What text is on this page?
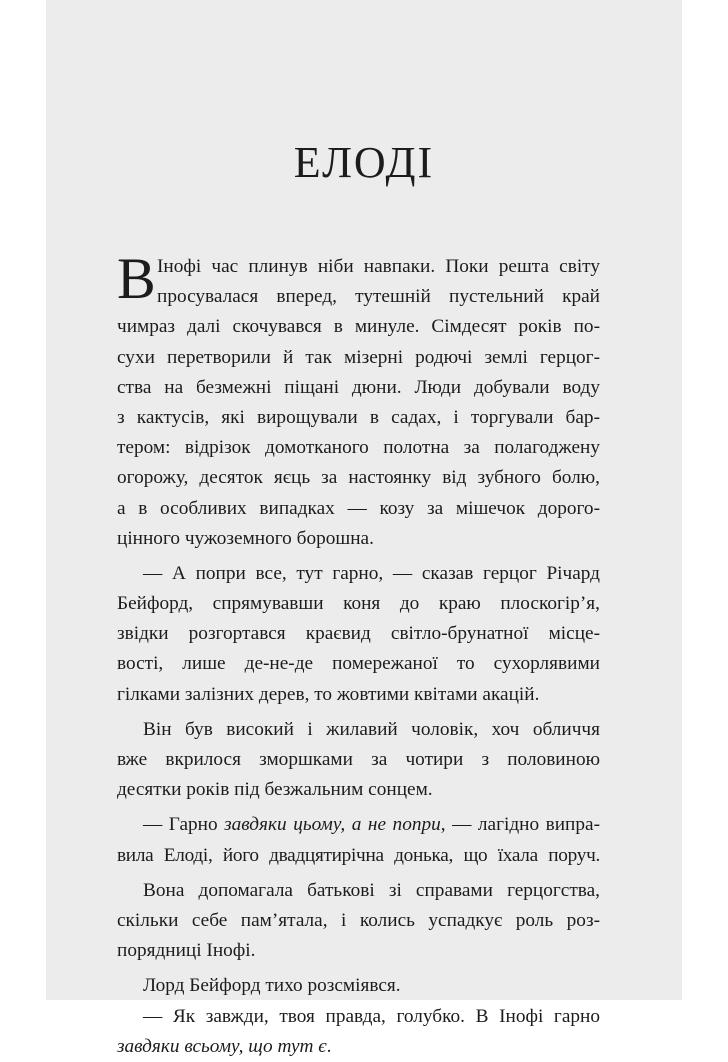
ЕЛОДІ
В Інофі час плинув ніби навпаки. Поки решта світу
просувалася вперед, тутешній пустельний край
чимраз далі скочувався в минуле. Сімдесят років по-
сухи перетворили й так мізерні родючі землі герцог-
ства на безмежні піщані дюни. Люди добували воду
з кактусів, які вирощували в садах, і торгували бар-
тером: відрізок домотканого полотна за полагоджену
огорожу, десяток яєць за настоянку від зубного болю,
а в особливих випадках — козу за мішечок дорого-
цінного чужоземного борошна.
— А попри все, тут гарно, — сказав герцог Річард
Бейфорд, спрямувавши коня до краю плоскогір’я,
звідки розгортався краєвид світло-брунатної місце-
вості, лише де-не-де помережаної то сухорлявими
гілками залізних дерев, то жовтими квітами акацій.
Він був високий і жилавий чоловік, хоч обличчя
вже вкрилося зморшками за чотири з половиною
десятки років під безжальним сонцем.
— Гарно завдяки цьому, а не попри, — лагідно випра-
вила Елоді, його двадцятирічна донька, що їхала поруч.
Вона допомагала батькові зі справами герцогства,
скільки себе пам’ятала, і колись успадкує роль роз-
порядниці Інофі.
Лорд Бейфорд тихо розсміявся.
— Як завжди, твоя правда, голубко. В Інофі гарно
завдяки всьому, що тут є.
